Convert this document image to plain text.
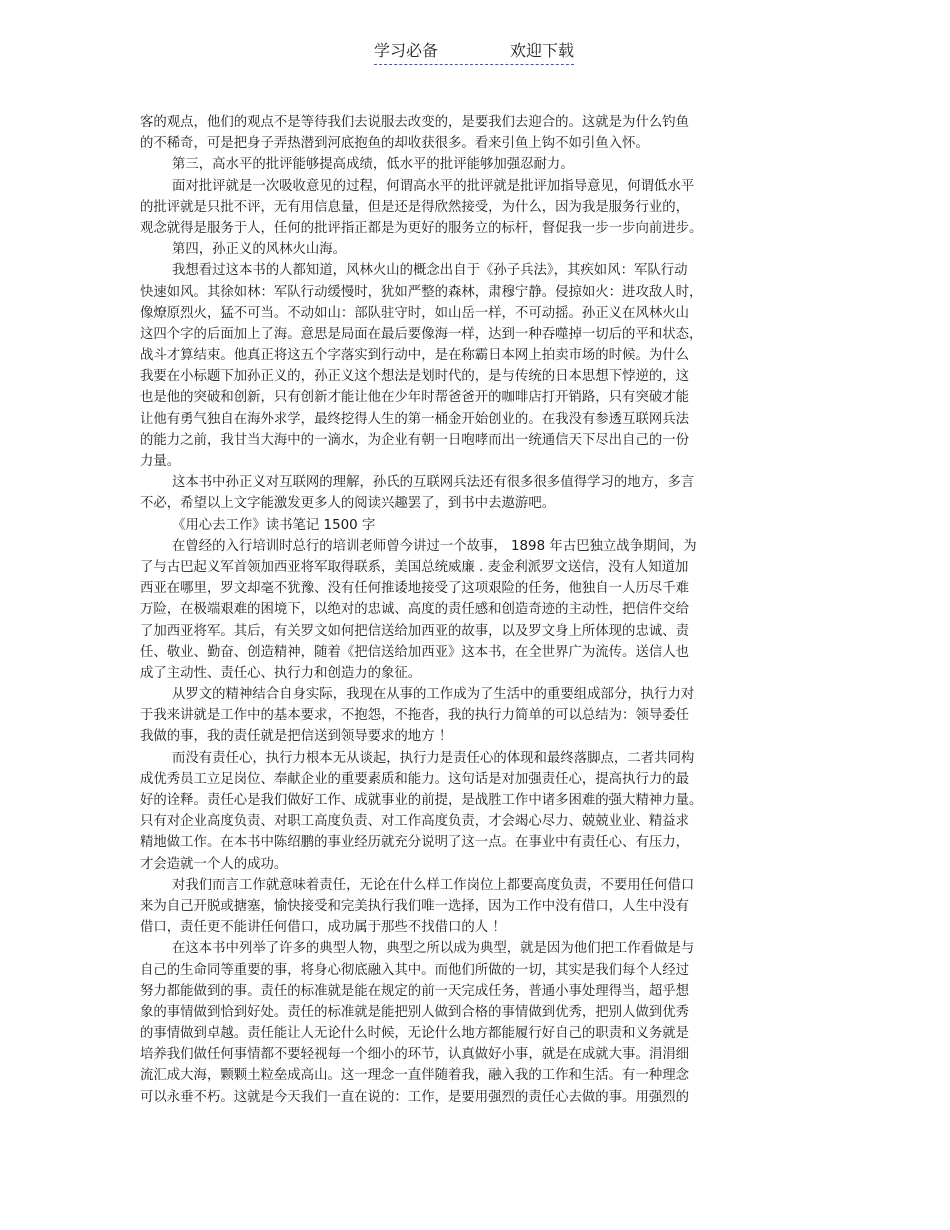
学习必备	欢迎下载
客的观点，他们的观点不是等待我们去说服去改变的，是要我们去迎合的。这就是为什么钓鱼
的不稀奇，可是把身子弄热潜到河底抱鱼的却收获很多。看来引鱼上钩不如引鱼入怀。
第三，高水平的批评能够提高成绩，低水平的批评能够加强忍耐力。
面对批评就是一次吸收意见的过程，何谓高水平的批评就是批评加指导意见，何谓低水平
的批评就是只批不评，无有用信息量，但是还是得欣然接受，为什么，因为我是服务行业的，
观念就得是服务于人，任何的批评指正都是为更好的服务立的标杆，督促我一步一步向前进步。
第四，孙正义的风林火山海。
我想看过这本书的人都知道，风林火山的概念出自于《孙子兵法》，其疾如风：军队行动
快速如风。其徐如林：军队行动缓慢时，犹如严整的森林，肃穆宁静。侵掠如火：进攻敌人时，
像燎原烈火，猛不可当。不动如山：部队驻守时，如山岳一样，不可动摇。孙正义在风林火山
这四个字的后面加上了海。意思是局面在最后要像海一样，达到一种吞噬掉一切后的平和状态，
战斗才算结束。他真正将这五个字落实到行动中，是在称霸日本网上拍卖市场的时候。为什么
我要在小标题下加孙正义的，孙正义这个想法是划时代的，是与传统的日本思想下悖逆的，这
也是他的突破和创新，只有创新才能让他在少年时帮爸爸开的咖啡店打开销路，只有突破才能
让他有勇气独自在海外求学，最终挖得人生的第一桶金开始创业的。在我没有参透互联网兵法
的能力之前，我甘当大海中的一滴水，为企业有朝一日咆哮而出一统通信天下尽出自己的一份
力量。
这本书中孙正义对互联网的理解，孙氏的互联网兵法还有很多很多值得学习的地方，多言
不必，希望以上文字能激发更多人的阅读兴趣罢了，到书中去遨游吧。
《用心去工作》读书笔记 1500 字
在曾经的入行培训时总行的培训老师曾今讲过一个故事， 1898 年古巴独立战争期间，为
了与古巴起义军首领加西亚将军取得联系，美国总统威廉 . 麦金利派罗文送信，没有人知道加
西亚在哪里，罗文却毫不犹豫、没有任何推诿地接受了这项艰险的任务，他独自一人历尽千难
万险，在极端艰难的困境下，以绝对的忠诚、高度的责任感和创造奇迹的主动性，把信件交给
了加西亚将军。其后，有关罗文如何把信送给加西亚的故事，以及罗文身上所体现的忠诚、责
任、敬业、勤奋、创造精神，随着《把信送给加西亚》这本书，在全世界广为流传。送信人也
成了主动性、责任心、执行力和创造力的象征。
从罗文的精神结合自身实际，我现在从事的工作成为了生活中的重要组成部分，执行力对
于我来讲就是工作中的基本要求，不抱怨，不拖沓，我的执行力简单的可以总结为：领导委任
我做的事，我的责任就是把信送到领导要求的地方 ！
而没有责任心，执行力根本无从谈起，执行力是责任心的体现和最终落脚点，二者共同构
成优秀员工立足岗位、奉献企业的重要素质和能力。这句话是对加强责任心，提高执行力的最
好的诠释。责任心是我们做好工作、成就事业的前提，是战胜工作中诸多困难的强大精神力量。
只有对企业高度负责、对职工高度负责、对工作高度负责，才会竭心尽力、兢兢业业、精益求
精地做工作。在本书中陈绍鹏的事业经历就充分说明了这一点。在事业中有责任心、有压力，
才会造就一个人的成功。
对我们而言工作就意味着责任，无论在什么样工作岗位上都要高度负责，不要用任何借口
来为自己开脱或搪塞，愉快接受和完美执行我们唯一选择，因为工作中没有借口，人生中没有
借口，责任更不能讲任何借口，成功属于那些不找借口的人 ！
在这本书中列举了许多的典型人物，典型之所以成为典型，就是因为他们把工作看做是与
自己的生命同等重要的事，将身心彻底融入其中。而他们所做的一切，其实是我们每个人经过
努力都能做到的事。责任的标准就是能在规定的前一天完成任务，普通小事处理得当，超乎想
象的事情做到恰到好处。责任的标准就是能把别人做到合格的事情做到优秀，把别人做到优秀
的事情做到卓越。责任能让人无论什么时候，无论什么地方都能履行好自己的职责和义务就是
培养我们做任何事情都不要轻视每一个细小的环节，认真做好小事，就是在成就大事。涓涓细
流汇成大海，颗颗土粒垒成高山。这一理念一直伴随着我，融入我的工作和生活。有一种理念
可以永垂不朽。这就是今天我们一直在说的：工作，是要用强烈的责任心去做的事。用强烈的
